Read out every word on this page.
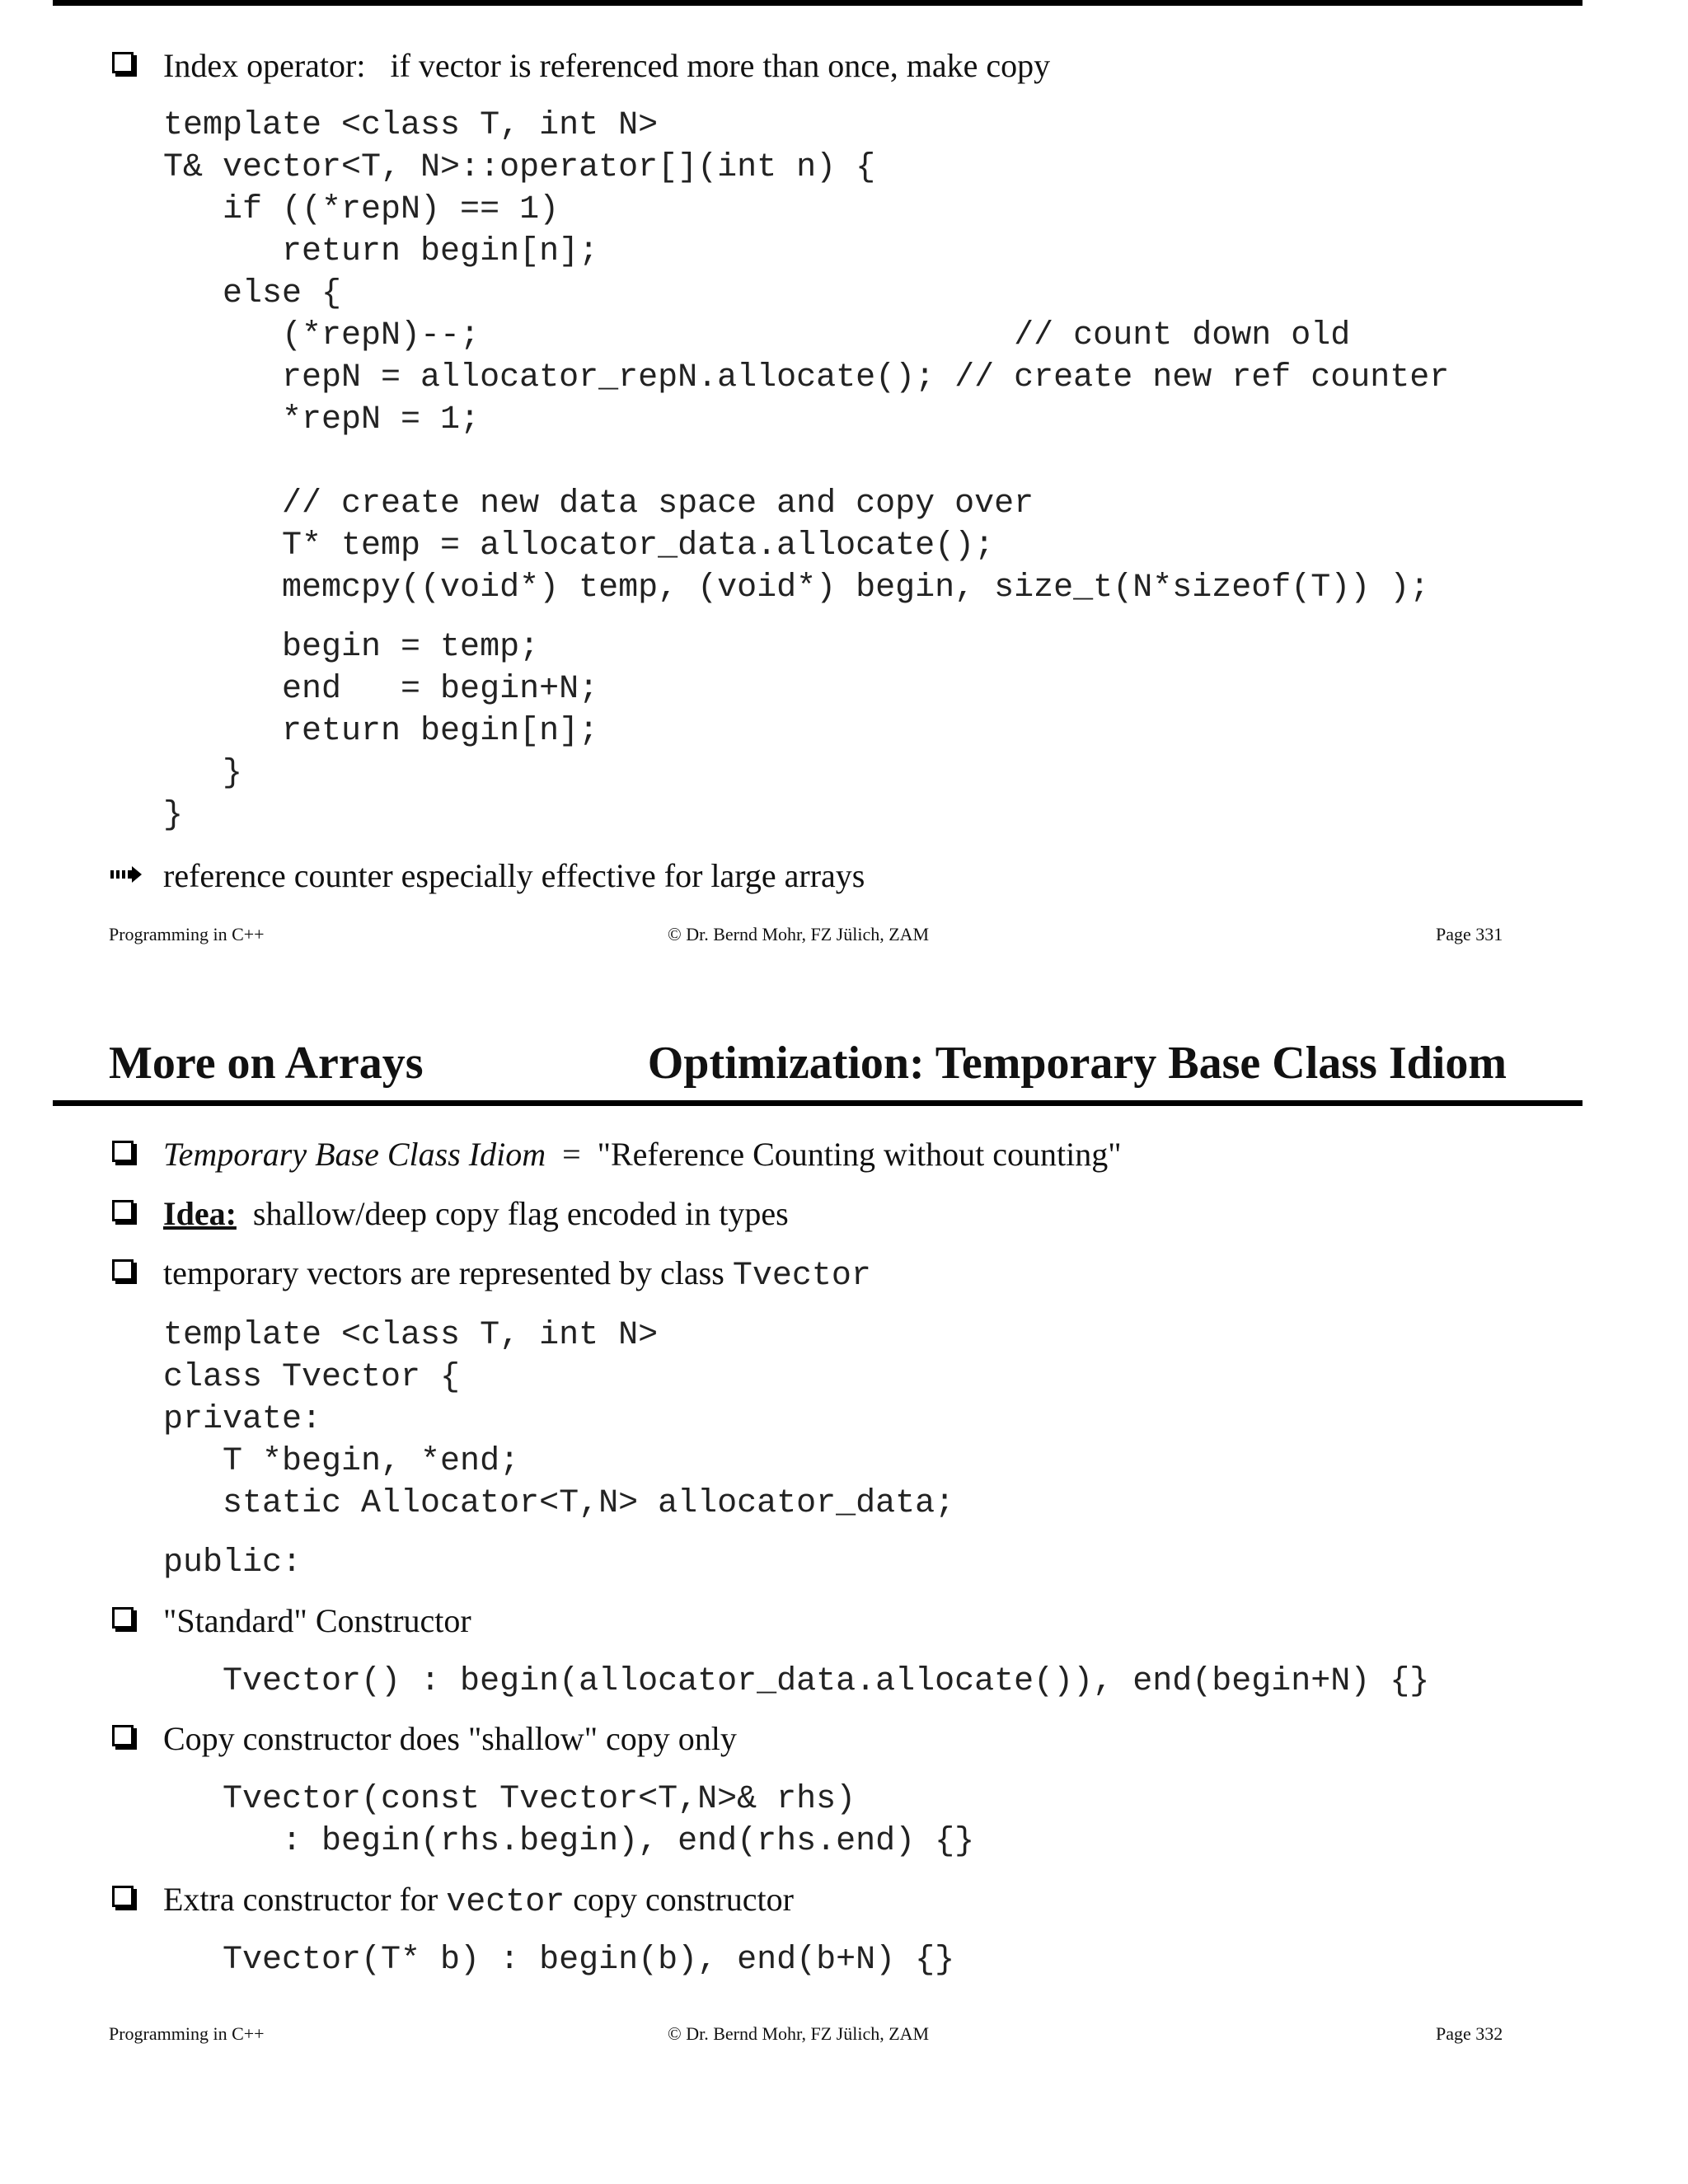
Index operator:   if vector is referenced more than once, make copy
template <class T, int N>
T& vector<T, N>::operator[](int n) {
if ((*repN) == 1)
return begin[n];
else {
(*repN)--;                           // count down old
repN = allocator_repN.allocate(); // create new ref counter
*repN = 1;
// create new data space and copy over
T* temp = allocator_data.allocate();
memcpy((void*) temp, (void*) begin, size_t(N*sizeof(T)) );
begin = temp;
end   = begin+N;
return begin[n];
}
}
reference counter especially effective for large arrays
Programming in C++	© Dr. Bernd Mohr, FZ Jülich, ZAM	Page 331
More on Arrays	Optimization: Temporary Base Class Idiom
Temporary Base Class Idiom  =  "Reference Counting without counting"
Idea:  shallow/deep copy flag encoded in types
temporary vectors are represented by class Tvector
template <class T, int N>
class Tvector {
private:
T *begin, *end;
static Allocator<T,N> allocator_data;
public:
"Standard" Constructor
Tvector() : begin(allocator_data.allocate()), end(begin+N) {}
Copy constructor does "shallow" copy only
Tvector(const Tvector<T,N>& rhs)
: begin(rhs.begin), end(rhs.end) {}
Extra constructor for vector copy constructor
Tvector(T* b) : begin(b), end(b+N) {}
Programming in C++	© Dr. Bernd Mohr, FZ Jülich, ZAM	Page 332
